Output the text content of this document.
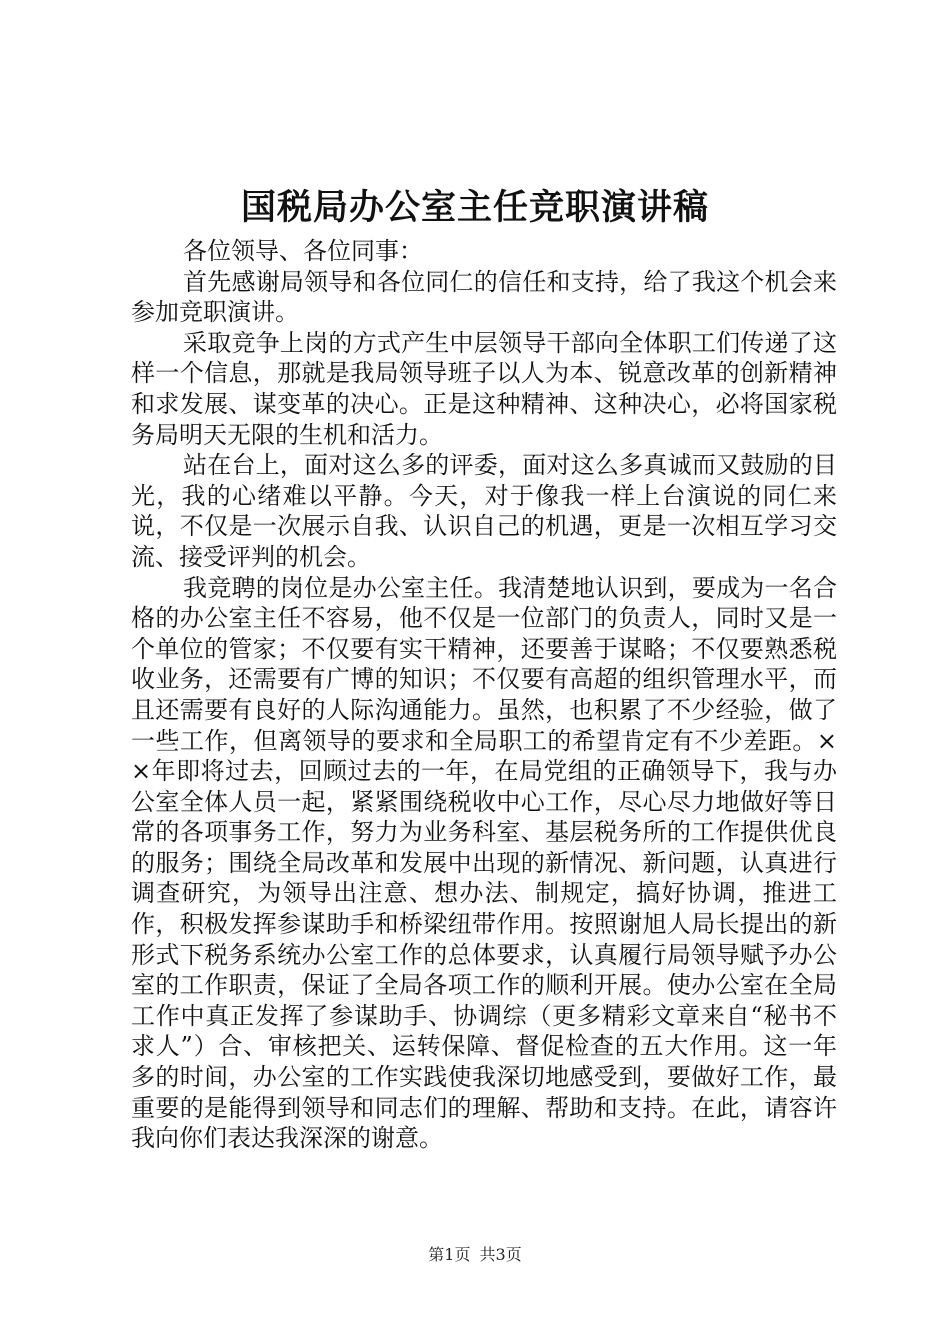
国税局办公室主任竞职演讲稿

各位领导、各位同事：

首先感谢局领导和各位同仁的信任和支持，给了我这个机会来参加竞职演讲。

采取竞争上岗的方式产生中层领导干部向全体职工们传递了这样一个信息，那就是我局领导班子以人为本、锐意改革的创新精神和求发展、谋变革的决心。正是这种精神、这种决心，必将国家税务局明天无限的生机和活力。

站在台上，面对这么多的评委，面对这么多真诚而又鼓励的目光，我的心绪难以平静。今天，对于像我一样上台演说的同仁来说，不仅是一次展示自我、认识自己的机遇，更是一次相互学习交流、接受评判的机会。

我竞聘的岗位是办公室主任。我清楚地认识到，要成为一名合格的办公室主任不容易，他不仅是一位部门的负责人，同时又是一个单位的管家；不仅要有实干精神，还要善于谋略；不仅要熟悉税收业务，还需要有广博的知识；不仅要有高超的组织管理水平，而且还需要有良好的人际沟通能力。虽然，也积累了不少经验，做了一些工作，但离领导的要求和全局职工的希望肯定有不少差距。××年即将过去，回顾过去的一年，在局党组的正确领导下，我与办公室全体人员一起，紧紧围绕税收中心工作，尽心尽力地做好等日常的各项事务工作，努力为业务科室、基层税务所的工作提供优良的服务；围绕全局改革和发展中出现的新情况、新问题，认真进行调查研究，为领导出注意、想办法、制规定，搞好协调，推进工作，积极发挥参谋助手和桥梁纽带作用。按照谢旭人局长提出的新形式下税务系统办公室工作的总体要求，认真履行局领导赋予办公室的工作职责，保证了全局各项工作的顺利开展。使办公室在全局工作中真正发挥了参谋助手、协调综（更多精彩文章来自“秘书不求人”）合、审核把关、运转保障、督促检查的五大作用。这一年多的时间，办公室的工作实践使我深切地感受到，要做好工作，最重要的是能得到领导和同志们的理解、帮助和支持。在此，请容许我向你们表达我深深的谢意。

第1页 共3页
